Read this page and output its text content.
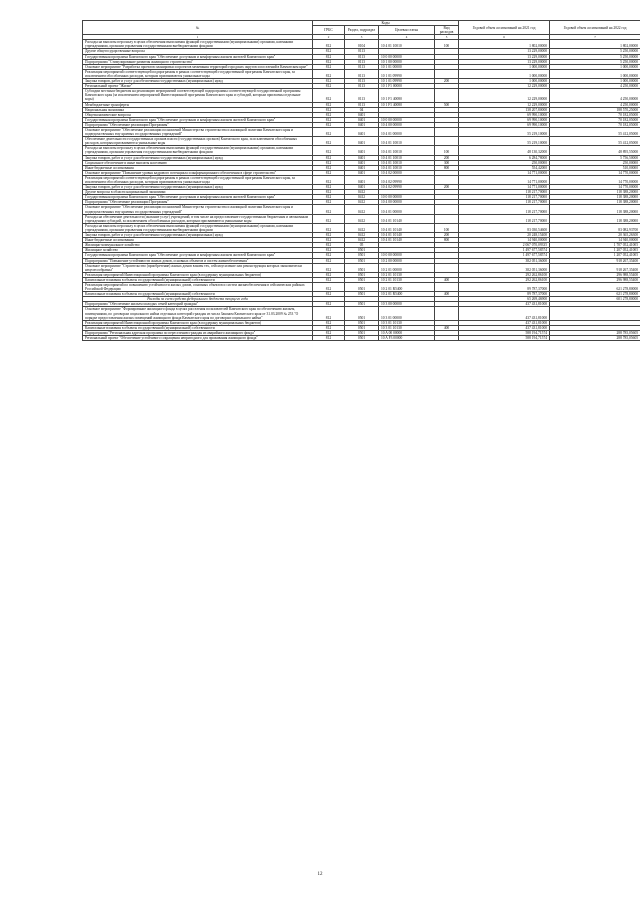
№	Коды				Годовой объем ассигнований на 2021 год	Годовой объем ассигнований на 2022 год
	ГРБС	Раздел, подраздел	Целевая статья	Вид расходов		
1	2	3	4	5	6	7
Расходы на выплаты персоналу в целях обеспечения выполнения функций государственными (муниципальными) органами, казенными учреждениями, органами управления государственными внебюджетными фондами	812	0104	10 4 01 10010	100	1 802,00000	1 802,00000
Другие общегосударственные вопросы	812	0113			13 229,00000	5 250,00000
Государственная программа Камчатского края "Обеспечение доступным и комфортным жильем жителей Камчатского края"	812	0113	10 0 00 00000		13 229,00000	5 250,00000
Подпрограмма "Стимулирование развития жилищного строительства"	812	0113	10 1 00 00000		13 229,00000	5 250,00000
Основное мероприятие "Разработка проектов планировки и проектов межевания территорий городских округов и поселений в Камчатском крае"	812	0113	10 1 01 00000		1 000,00000	1 000,00000
Реализация мероприятий соответствующей подпрограммы в рамках соответствующей государственной программы Камчатского края, за исключением обособленных расходов, которым присваиваются уникальные коды	812	0113	10 1 01 09990		1 000,00000	1 000,00000
Закупка товаров, работ и услуг для обеспечения государственных (муниципальных) нужд	812	0113	10 1 01 09990	200	1 000,00000	1 000,00000
Региональный проект "Жилье"	812	0113	10 1 F1 00000		12 229,00000	4 250,00000
Субсидии местным бюджетам на реализацию мероприятий соответствующей подпрограммы соответствующей государственной программы Камчатского края (за исключением мероприятий Инвестиционной программы Камчатского края и субсидий, которым присвоены отдельные коды)	812	0113	10 1 F1 40080		12 229,00000	4 250,00000
Межбюджетные трансферты	812	0113	10 1 F1 40080	500	12 229,00000	4 250,00000
Национальная экономика	812	04			138 207,80000	188 570,25000
Общеэкономические вопросы	812	0401			69 990,10000	70 182,05000
Государственная программа Камчатского края "Обеспечение доступным и комфортным жильем жителей Камчатского края"	812	0401	10 0 00 00000		69 990,10000	70 182,05000
Подпрограмма "Обеспечение реализации Программы"	812	0401	10 4 00 00000		69 990,10000	70 182,05000
Основное мероприятие "Обеспечение реализации полномочий Министерства строительства и жилищной политики Камчатского края и подведомственных ему краевых государственных учреждений"	812	0401	10 4 01 00000		55 219,10000	55 412,05000
Обеспечение деятельности государственных органов власти (государственных органов) Камчатского края, за исключением обособленных расходов, которым присваиваются уникальные коды	812	0401	10 4 01 10010		55 219,10000	55 412,05000
Расходы на выплаты персоналу в целях обеспечения выполнения функций государственными (муниципальными) органами, казенными учреждениями, органами управления государственными внебюджетными фондами	812	0401	10 4 01 10010	100	48 130,32000	48 895,55000
Закупка товаров, работ и услуг для обеспечения государственных (муниципальных) нужд	812	0401	10 4 01 10010	200	6 284,78000	5 756,50000
Социальное обеспечение и иные выплаты населению	812	0401	10 4 01 10010	300	250,00000	250,00000
Иные бюджетные ассигнования	812	0401	10 4 01 10010	800	554,42000	510,00000
Основное мероприятие "Повышение уровня кадрового потенциала и информационного обеспечения в сфере строительства"	812	0401	10 4 02 00000		14 771,00000	14 770,00000
Реализация мероприятий соответствующей подпрограммы в рамках соответствующей государственной программы Камчатского края, за исключением обособленных расходов, которым присваиваются уникальные коды	812	0401	10 4 02 09990		14 771,00000	14 770,00000
Закупка товаров, работ и услуг для обеспечения государственных (муниципальных) нужд	812	0401	10 4 02 09990	200	14 771,00000	14 770,00000
Другие вопросы в области национальной экономики	812	0412			118 217,70000	118 388,20000
Государственная программа Камчатского края "Обеспечение доступным и комфортным жильем жителей Камчатского края"	812	0412	10 0 00 00000		118 217,70000	118 388,20000
Подпрограмма "Обеспечение реализации Программы"	812	0412	10 4 00 00000		118 217,70000	118 388,20000
Основное мероприятие "Обеспечение реализации полномочий Министерства строительства и жилищной политики Камчатского края и подведомственных ему краевых государственных учреждений"	812	0412	10 4 01 00000		118 217,70000	118 388,20000
Расходы на обеспечение деятельности (оказание услуг) учреждений, в том числе на предоставление государственным бюджетным и автономным учреждениям субсидий, за исключением обособленных расходов, которым присваиваются уникальные коды	812	0412	10 4 01 10140		118 217,70000	118 388,20000
Расходы на выплаты персоналу в целях обеспечения выполнения функций государственными (муниципальными) органами, казенными учреждениями, органами управления государственными внебюджетными фондами	812	0412	10 4 01 10140	100	83 030,54600	83 082,93700
Закупка товаров, работ и услуг для обеспечения государственных (муниципальных) нужд	812	0412	10 4 01 10140	200	20 248,15400	20 365,26300
Иные бюджетные ассигнования	812	0412	10 4 01 10140	800	14 940,00000	14 940,00000
Жилищно-коммунальное хозяйство	812	05			2 067 070,09335	1 707 052,41005
Жилищное хозяйство	812	0501			1 497 677,58574	1 207 052,41005
Государственная программа Камчатского края "Обеспечение доступным и комфортным жильем жителей Камчатского края"	812	0501	10 0 00 00000		1 497 677,58574	1 207 052,41005
Подпрограмма "Повышение устойчивости жилых домов, основных объектов и систем жизнеобеспечения"	812	0501	10 2 00 00000		382 051,36000	918 267,35400
Основное мероприятие "Строительство (приобретение) жилых домов взамен тех, сейсмоусиление или реконструкция которых экономически нецелесообразны"	812	0501	10 2 01 00000		382 051,36000	918 267,35400
Реализация мероприятий Инвестиционной программы Камчатского края (в поддержку муниципальных бюджетов)	812	0501	10 2 01 10130		292 262,86100	296 988,55400
Капитальные вложения в объекты государственной (муниципальной) собственности	812	0501	10 2 01 10130	400	292 262,86100	296 988,55400
Реализация мероприятий по повышению устойчивости жилых домов, основных объектов и систем жизнеобеспечения в сейсмических районах Российской Федерации	812	0501	10 2 01 R5400		89 787,37000	621 278,80000
Капитальные вложения в объекты государственной (муниципальной) собственности	812	0501	10 2 01 R5400	400	89 787,37000	621 278,80000
Расходы за счет средств федерального бюджета текущего года					65 269,46900	601 278,80000
Подпрограмма "Обеспечение жильем молодых семей категорий граждан"	812	0501	10 3 00 00000		437 431,81000	
Основное мероприятие "Формирование жилищного фонда в целях расселения пользователей Камчатского края по обеспечению жильем, помещениями, по договорам социального найма отдельных категорий граждан из числа Законом Камчатского края от 31.03.2009 № 253 "О порядке предоставления жилых помещений жилищного фонда Камчатского края по договорам социального найма"	812	0501	10 3 01 00000		437 431,81000	
Реализация мероприятий Инвестиционной программы Камчатского края (в поддержку муниципальных бюджетов)	812	0501	10 3 01 10130		437 431,81000	
Капитальные вложения в объекты государственной (муниципальной) собственности	812	0501	10 3 01 10130	400	437 431,81000	
Подпрограмма "Региональная адресная программа по переселению граждан из аварийного жилищного фонда"	812	0501	10 A 00 00000		588 194,71574	288 785,05605
Региональный проект "Обеспечение устойчивого сокращения непригодного для проживания жилищного фонда"	812	0501	10 A F3 00000		588 194,71574	288 785,05605
12
